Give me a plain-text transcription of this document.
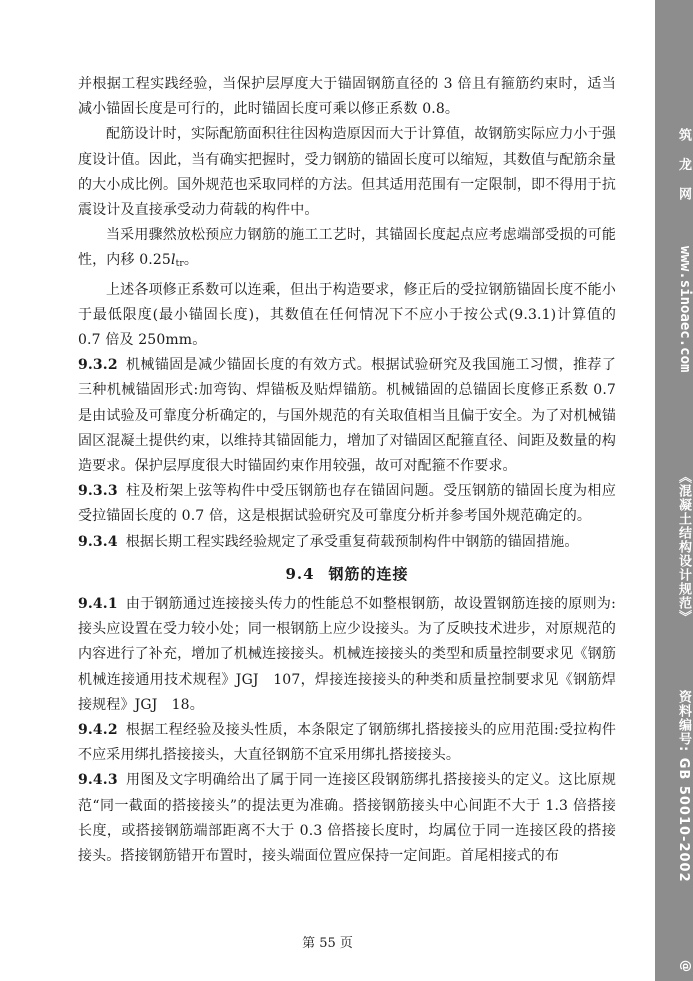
并根据工程实践经验，当保护层厚度大于锚固钢筋直径的 3 倍且有箍筋约束时，适当减小锚固长度是可行的，此时锚固长度可乘以修正系数 0.8。

配筋设计时，实际配筋面积往往因构造原因而大于计算值，故钢筋实际应力小于强度设计值。因此，当有确实把握时，受力钢筋的锚固长度可以缩短，其数值与配筋余量的大小成比例。国外规范也采取同样的方法。但其适用范围有一定限制，即不得用于抗震设计及直接承受动力荷载的构件中。

当采用骤然放松预应力钢筋的施工工艺时，其锚固长度起点应考虑端部受损的可能性，内移 $0.25l_{tr}$。

上述各项修正系数可以连乘，但出于构造要求，修正后的受拉钢筋锚固长度不能小于最低限度(最小锚固长度)，其数值在任何情况下不应小于按公式(9.3.1)计算值的 0.7 倍及 250mm。

9.3.2 机械锚固是减少锚固长度的有效方式。根据试验研究及我国施工习惯，推荐了三种机械锚固形式:加弯钩、焊锚板及贴焊锚筋。机械锚固的总锚固长度修正系数 0.7 是由试验及可靠度分析确定的，与国外规范的有关取值相当且偏于安全。为了对机械锚固区混凝土提供约束，以维持其锚固能力，增加了对锚固区配箍直径、间距及数量的构造要求。保护层厚度很大时锚固约束作用较强，故可对配箍不作要求。

9.3.3 柱及桁架上弦等构件中受压钢筋也存在锚固问题。受压钢筋的锚固长度为相应受拉锚固长度的 0.7 倍，这是根据试验研究及可靠度分析并参考国外规范确定的。

9.3.4 根据长期工程实践经验规定了承受重复荷载预制构件中钢筋的锚固措施。

9.4 钢筋的连接

9.4.1 由于钢筋通过连接接头传力的性能总不如整根钢筋，故设置钢筋连接的原则为:接头应设置在受力较小处；同一根钢筋上应少设接头。为了反映技术进步，对原规范的内容进行了补充，增加了机械连接接头。机械连接接头的类型和质量控制要求见《钢筋机械连接通用技术规程》JGJ　107，焊接连接接头的种类和质量控制要求见《钢筋焊接规程》JGJ　18。

9.4.2 根据工程经验及接头性质，本条限定了钢筋绑扎搭接接头的应用范围:受拉构件不应采用绑扎搭接接头，大直径钢筋不宜采用绑扎搭接接头。

9.4.3 用图及文字明确给出了属于同一连接区段钢筋绑扎搭接接头的定义。这比原规范“同一截面的搭接接头”的提法更为准确。搭接钢筋接头中心间距不大于 1.3 倍搭接长度，或搭接钢筋端部距离不大于 0.3 倍搭接长度时，均属位于同一连接区段的搭接接头。搭接钢筋错开布置时，接头端面位置应保持一定间距。首尾相接式的布

第 55 页
筑 龙 网
www.sinoaec.com
《混凝土结构设计规范》
资料编号: GB 50010-2002
@
